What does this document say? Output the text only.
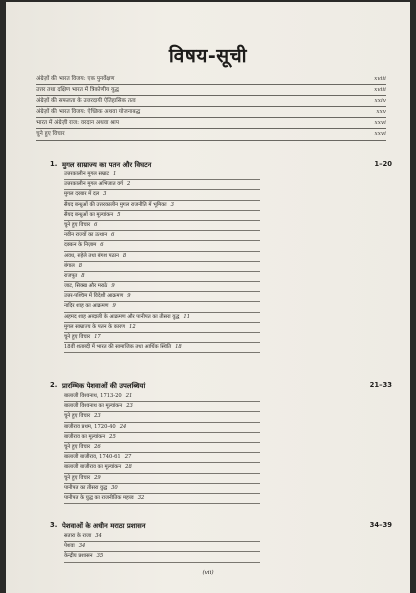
विषय-सूची
अंग्रेज़ों की भारत विजय: एक पुनर्वेक्षण	xviii
उत्तर तथा दक्षिण भारत में त्रिकोणीय युद्ध	xviii
अंग्रेज़ों की सफलता के उत्तरदायी ऐतिहासिक तत्व	xxiv
अंग्रेज़ों की भारत विजय: ऐच्छिक अथवा योजनाबद्ध	xxv
भारत में अंग्रेज़ी राज: वरदान अथवा श्राप	xxvi
चुने हुए विचार	xxvi
1. मुगल साम्राज्य का पतन और विघटन	1–20
उत्तरकालीन मुगल सम्राट 1
उत्तरकालीन मुगल अभिजात वर्ग 2
मुगल दरबार में दल 3
सैयद बन्धुओं की उत्तरकालीन मुगल राजनीति में भूमिका 3
सैयद बन्धुओं का मूल्यांकन 5
चुने हुए विचार 6
नवीन राज्यों का उत्थान 6
दक्कन के निज़ाम 6
अवध, रुहेले तथा बंगश पठान 8
बंगाल 8
राजपूत 8
जाट, सिक्ख और मराठे 9
उत्तर-पश्चिम में विदेशी आक्रमण 9
नादिर शाह का आक्रमण 9
अहमद शाह अब्दाली के आक्रमण और पानीपत का तीसरा युद्ध 11
मुगल साम्राज्य के पतन के कारण 12
चुने हुए विचार 17
18वीं शताब्दी में भारत की सामाजिक तथा आर्थिक स्थिति 18
2. प्रारम्भिक पेशवाओं की उपलब्धियां	21–33
बालाजी विश्वनाथ, 1713-20 21
बालाजी विश्वनाथ का मूल्यांकन 23
चुने हुए विचार 23
बाजीराव प्रथम, 1720-40 24
बाजीराव का मूल्यांकन 25
चुने हुए विचार 26
बालाजी बाजीराव, 1740-61 27
बालाजी बाजीराव का मूल्यांकन 28
चुने हुए विचार 29
पानीपत का तीसरा युद्ध 30
पानीपत के युद्ध का राजनीतिक महत्त्व 32
3. पेशवाओं के अधीन मराठा प्रशासन	34–39
सतारा के राजा 34
पेशवा 34
केन्द्रीय प्रशासन 35
(vii)
